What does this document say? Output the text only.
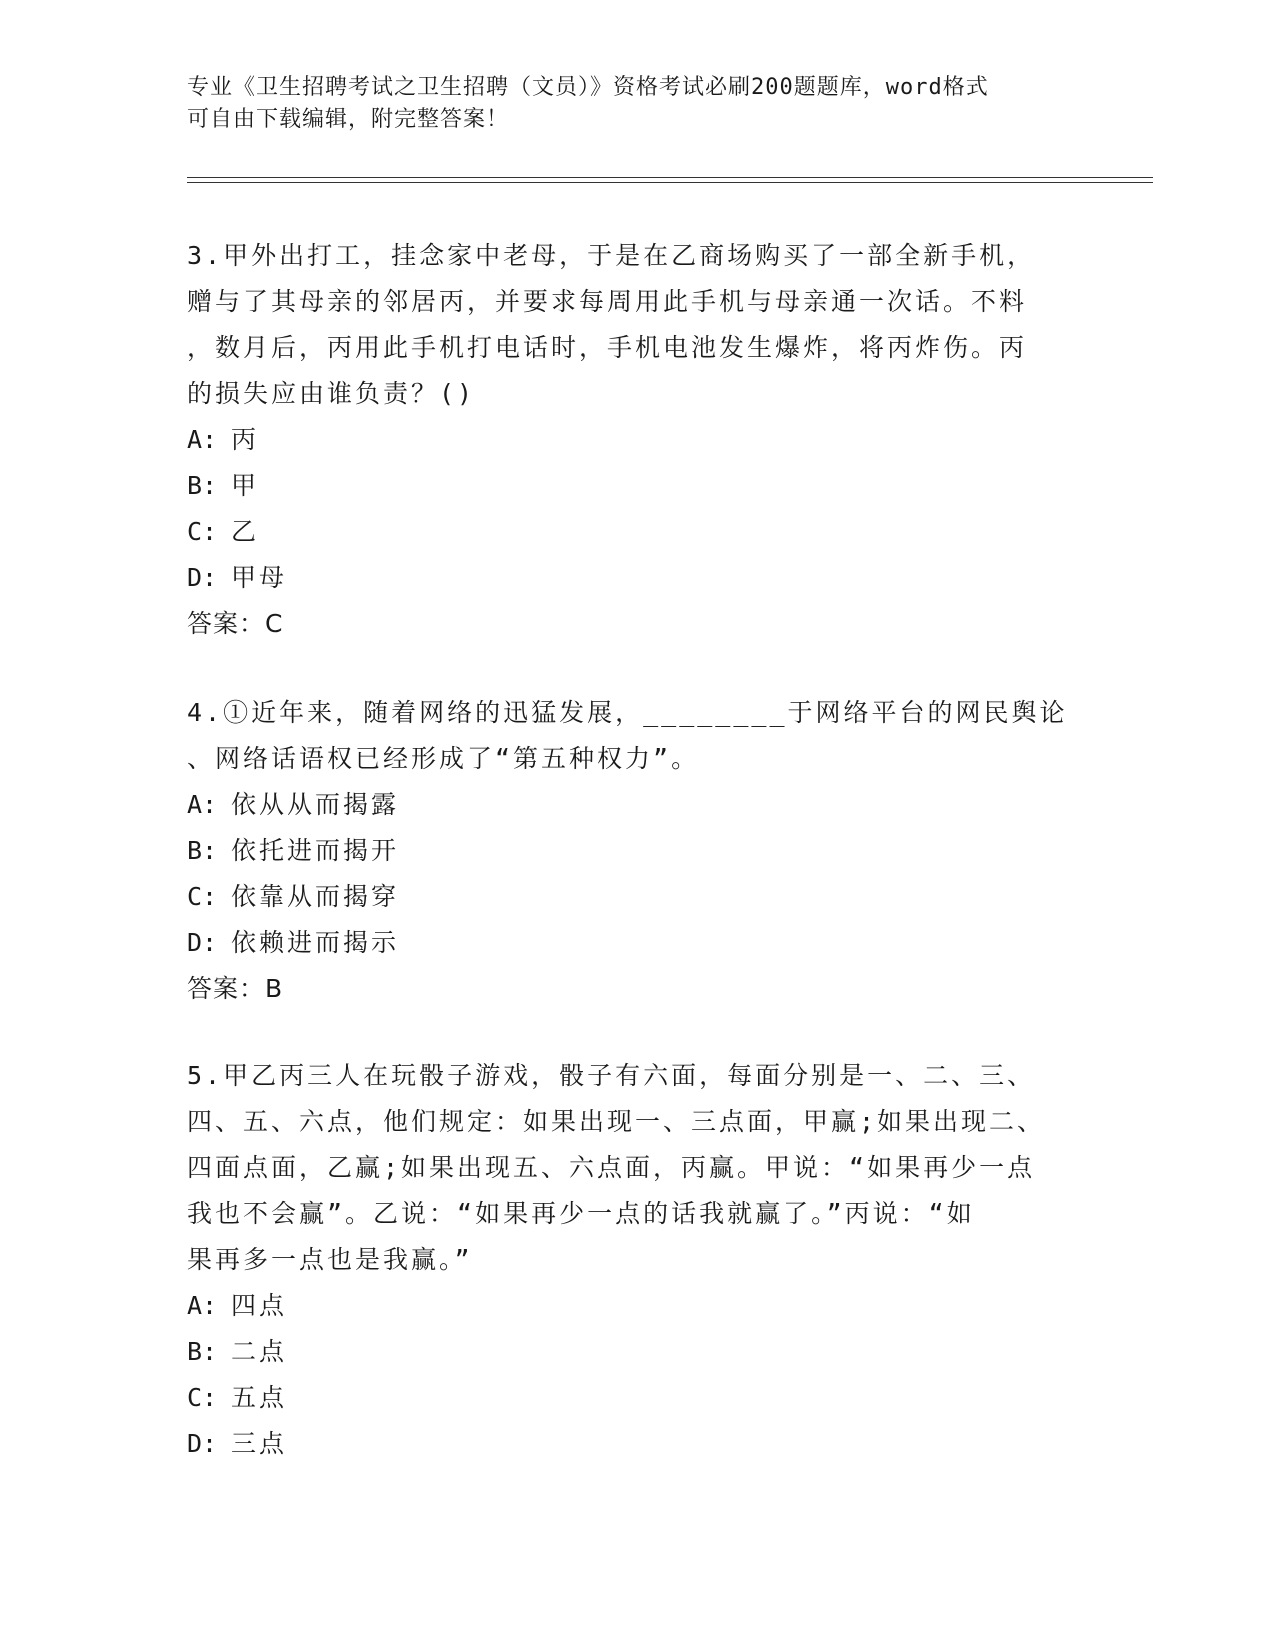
专业《卫生招聘考试之卫生招聘（文员）》资格考试必刷200题题库，word格式
可自由下载编辑，附完整答案！
3.甲外出打工，挂念家中老母，于是在乙商场购买了一部全新手机，
赠与了其母亲的邻居丙，并要求每周用此手机与母亲通一次话。不料
，数月后，丙用此手机打电话时，手机电池发生爆炸，将丙炸伤。丙
的损失应由谁负责？()
A: 丙
B: 甲
C: 乙
D: 甲母
答案：C
4.①近年来，随着网络的迅猛发展，________于网络平台的网民舆论
、网络话语权已经形成了“第五种权力”。
A: 依从从而揭露
B: 依托进而揭开
C: 依靠从而揭穿
D: 依赖进而揭示
答案：B
5.甲乙丙三人在玩骰子游戏，骰子有六面，每面分别是一、二、三、
四、五、六点，他们规定：如果出现一、三点面，甲赢;如果出现二、
四面点面，乙赢;如果出现五、六点面，丙赢。甲说：“如果再少一点
我也不会赢”。乙说：“如果再少一点的话我就赢了。”丙说：“如
果再多一点也是我赢。”
A: 四点
B: 二点
C: 五点
D: 三点
